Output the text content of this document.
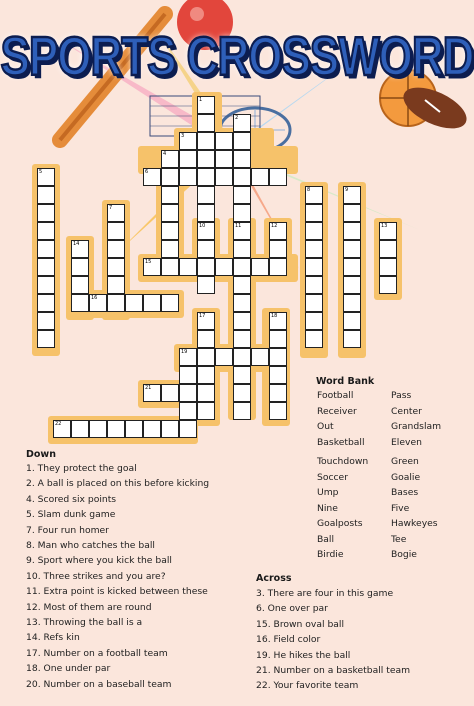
SPORTS CROSSWORD
1
2
3
4
6
10	11
5
7
14
16
15
12
8	9
13
17	18
19
21
22
Word Bank
Football
Receiver
Out
Basketball
Touchdown
Soccer
Ump
Nine
Goalposts
Ball
Birdie
Pass
Center
Grandslam
Eleven
Green
Goalie
Bases
Five
Hawkeyes
Tee
Bogie
Down
1. They protect the goal
2. A ball is placed on this before kicking
4. Scored six points
5. Slam dunk game
7. Four run homer
8. Man who catches the ball
9. Sport where you kick the ball
10. Three strikes and you are?
11. Extra point is kicked between these
12. Most of them are round
13. Throwing the ball is a
14. Refs kin
17. Number on a football team
18. One under par
20. Number on a baseball team
Across
3. There are four in this game
6. One over par
15. Brown oval ball
16. Field color
19. He hikes the ball
21. Number on a basketball team
22. Your favorite team
